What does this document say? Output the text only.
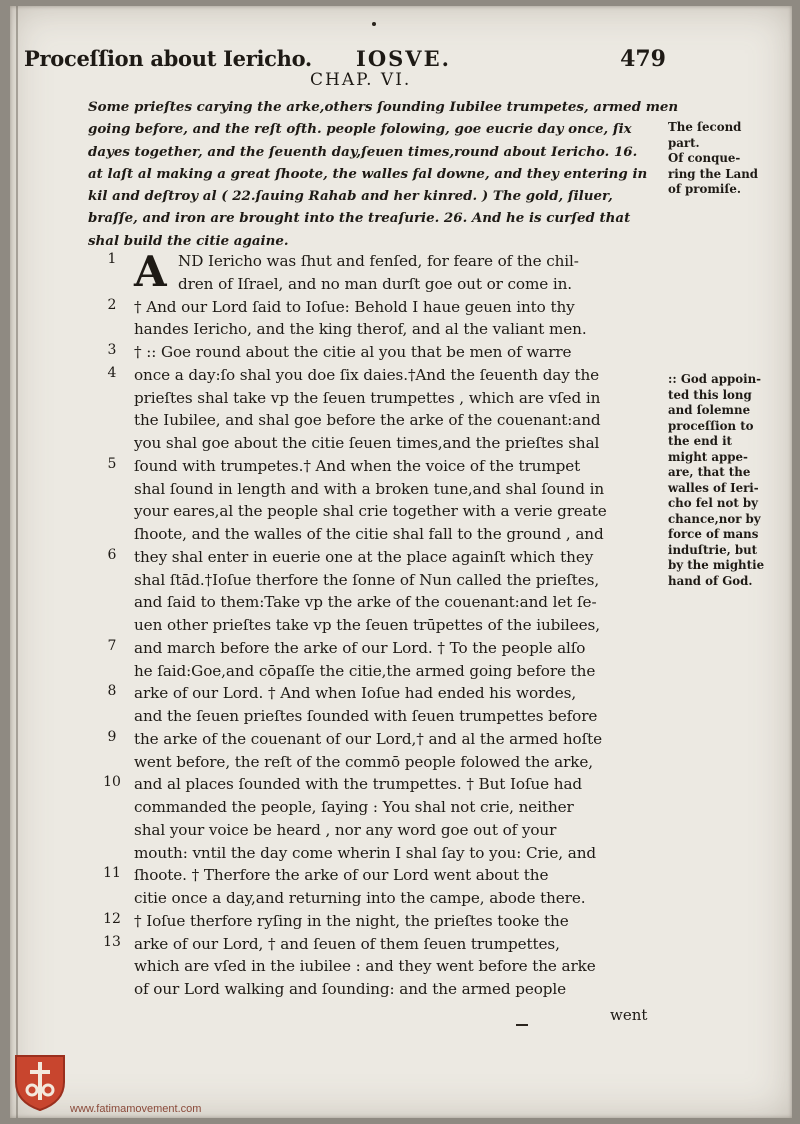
Proceſſion about Iericho. IOSVE.	479
CHAP. VI.
Some prieſtes carying the arke,others ſounding Iubilee trumpetes, armed men
going before, and the reſt ofth. people folowing, goe eucrie day once, ſix
dayes together, and the ſeuenth day,ſeuen times,round about Iericho. 16.
at laſt al making a great ſhoote, the walles fal downe, and they entering in
kil and deſtroy al ( 22.ſauing Rahab and her kinred. ) The gold, ſiluer,
braſſe, and iron are brought into the treaſurie. 26. And he is curſed that
shal build the citie againe.
The ſecond
part.
Of conque-
ring the Land
of promiſe.
:: God appoin-
ted this long
and ſolemne
proceſſion to
the end it
might appe-
are, that the
walles of Ieri-
cho fel not by
chance,nor by
force of mans
induſtrie, but
by the mightie
hand of God.
A
1	ND Iericho was ſhut and fenſed, for feare of the chil-
dren of Iſrael, and no man durſt goe out or come in.
2	† And our Lord ſaid to Ioſue: Behold I haue geuen into thy
handes Iericho, and the king therof, and al the valiant men.
3	† :: Goe round about the citie al you that be men of warre
4	once a day:ſo shal you doe ſix daies.†And the ſeuenth day the
prieſtes shal take vp the ſeuen trumpettes , which are vſed in
the Iubilee, and shal goe before the arke of the couenant:and
you shal goe about the citie ſeuen times,and the prieſtes shal
5	ſound with trumpetes.† And when the voice of the trumpet
shal ſound in length and with a broken tune,and shal ſound in
your eares,al the people shal crie together with a verie greate
ſhoote, and the walles of the citie shal fall to the ground , and
6	they shal enter in euerie one at the place againſt which they
shal ſtād.†Ioſue therfore the ſonne of Nun called the prieſtes,
and ſaid to them:Take vp the arke of the couenant:and let ſe-
uen other prieſtes take vp the ſeuen trūpettes of the iubilees,
7	and march before the arke of our Lord. † To the people alſo
he ſaid:Goe,and cōpaſſe the citie,the armed going before the
8	arke of our Lord. † And when Ioſue had ended his wordes,
and the ſeuen prieſtes ſounded with ſeuen trumpettes before
9	the arke of the couenant of our Lord,† and al the armed hoſte
went before, the reſt of the commō people folowed the arke,
10 and al places ſounded with the trumpettes. † But Ioſue had
commanded the people, ſaying : You shal not crie, neither
shal your voice be heard , nor any word goe out of your
mouth: vntil the day come wherin I shal ſay to you: Crie, and
11 ſhoote. † Therfore the arke of our Lord went about the
citie once a day,and returning into the campe, abode there.
12 † Ioſue therfore ryſing in the night, the prieſtes tooke the
13 arke of our Lord, † and ſeuen of them ſeuen trumpettes,
which are vſed in the iubilee : and they went before the arke
of our Lord walking and ſounding: and the armed people
went
www.fatimamovement.com
